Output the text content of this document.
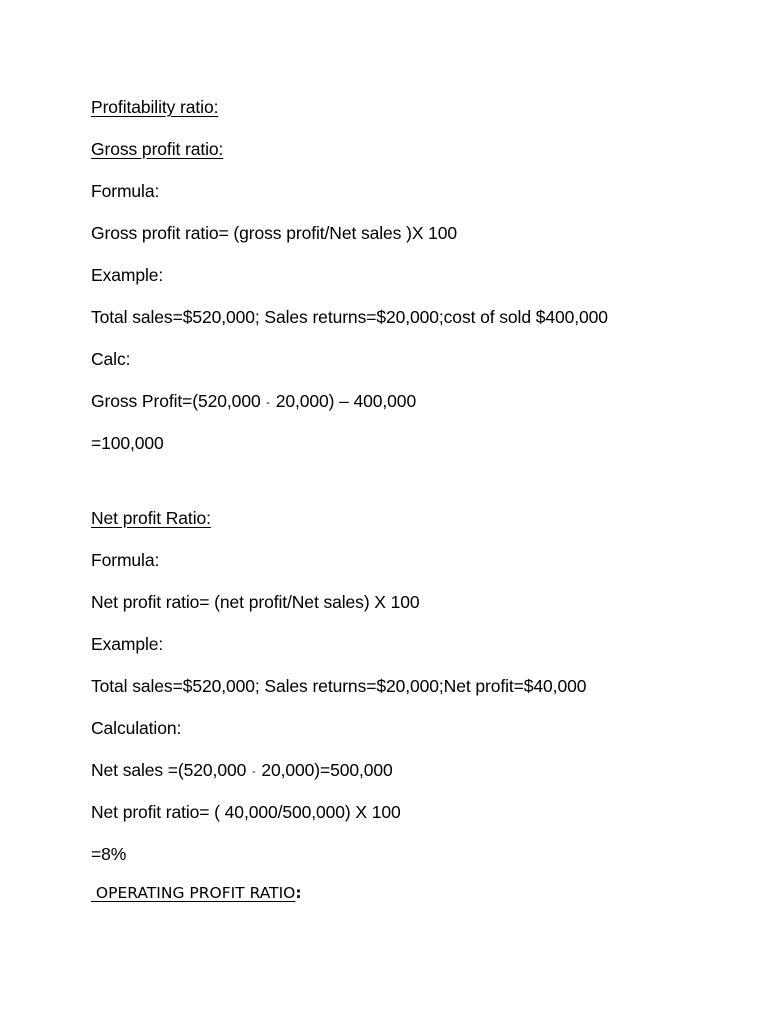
Profitability ratio:
Gross profit ratio:
Formula:
Gross profit ratio= (gross profit/Net sales )X 100
Example:
Total sales=$520,000; Sales returns=$20,000;cost of sold $400,000
Calc:
Gross Profit=(520,000 - 20,000) – 400,000
=100,000
Net profit Ratio:
Formula:
Net profit ratio= (net profit/Net sales) X 100
Example:
Total sales=$520,000; Sales returns=$20,000;Net profit=$40,000
Calculation:
Net sales =(520,000 - 20,000)=500,000
Net profit ratio= ( 40,000/500,000) X 100
=8%
OPERATING PROFIT RATIO:
